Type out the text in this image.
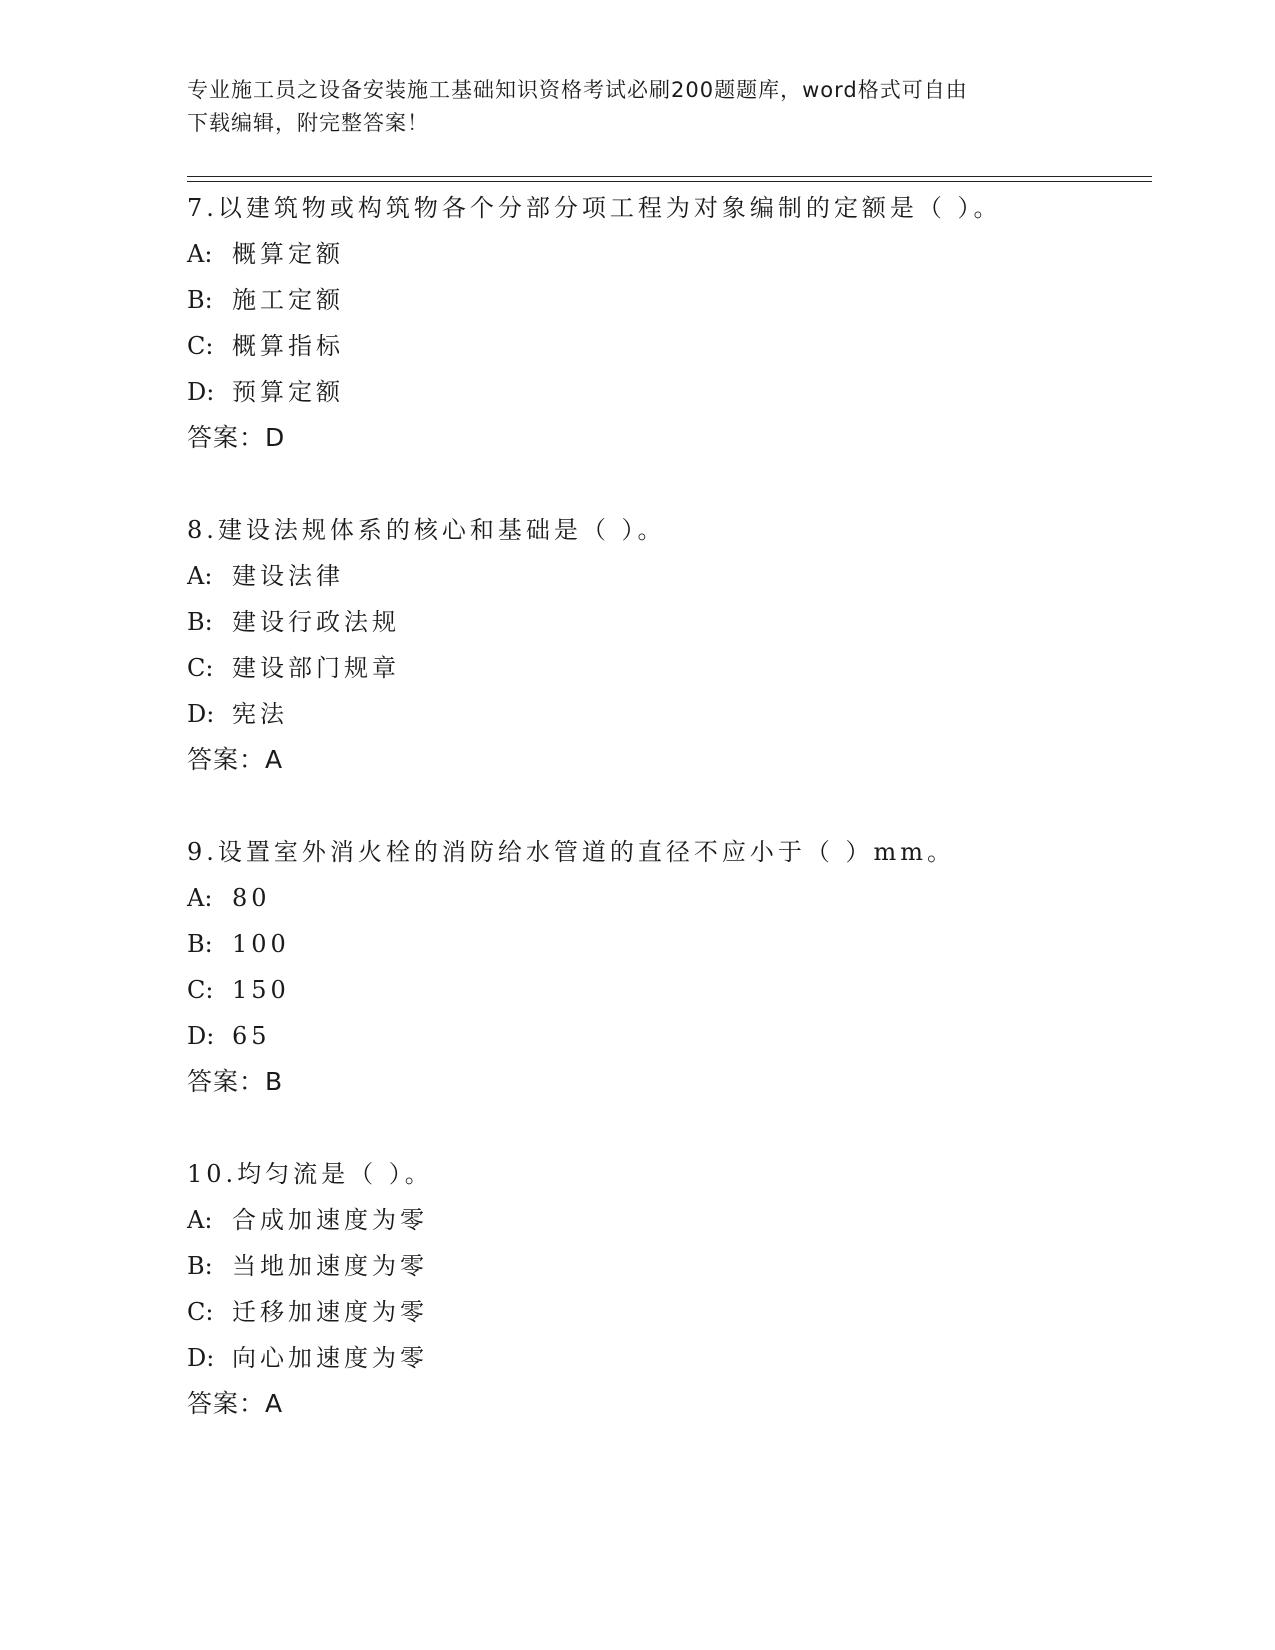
专业施工员之设备安装施工基础知识资格考试必刷200题题库，word格式可自由
下载编辑，附完整答案！
7.以建筑物或构筑物各个分部分项工程为对象编制的定额是（ ）。
A: 概算定额
B: 施工定额
C: 概算指标
D: 预算定额
答案：D
8.建设法规体系的核心和基础是（ ）。
A: 建设法律
B: 建设行政法规
C: 建设部门规章
D: 宪法
答案：A
9.设置室外消火栓的消防给水管道的直径不应小于（ ）mm。
A: 80
B: 100
C: 150
D: 65
答案：B
10.均匀流是（ ）。
A: 合成加速度为零
B: 当地加速度为零
C: 迁移加速度为零
D: 向心加速度为零
答案：A
